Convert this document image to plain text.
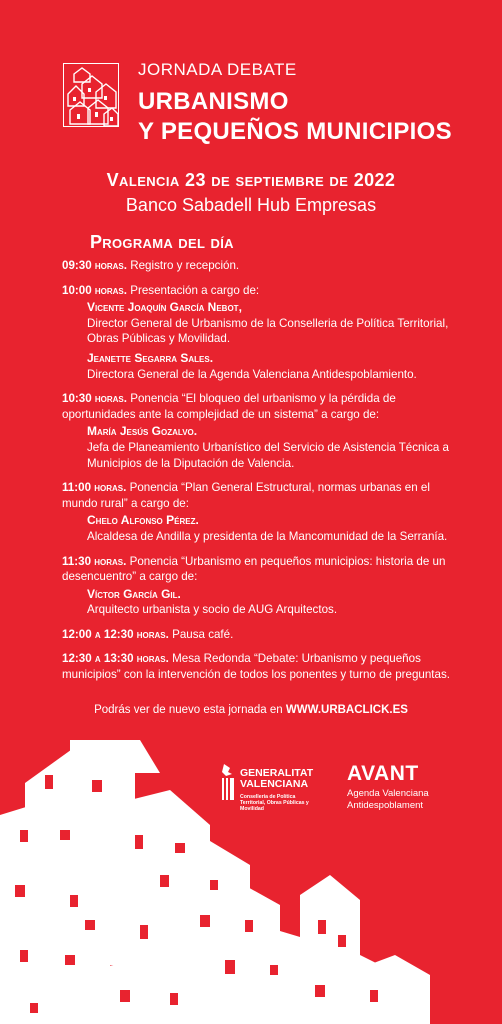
JORNADA DEBATE
URBANISMO
Y PEQUEÑOS MUNICIPIOS
Valencia 23 de septiembre de 2022
Banco Sabadell Hub Empresas
Programa del día
09:30 horas. Registro y recepción.
10:00 horas. Presentación a cargo de:
Vicente Joaquín García Nebot,
Director General de Urbanismo de la Conselleria de Política Territorial, Obras Públicas y Movilidad.
Jeanette Segarra Sales.
Directora General de la Agenda Valenciana Antidespoblamiento.
10:30 horas. Ponencia “El bloqueo del urbanismo y la pérdida de oportunidades ante la complejidad de un sistema” a cargo de:
María Jesús Gozalvo.
Jefa de Planeamiento Urbanístico del Servicio de Asistencia Técnica a Municipios de la Diputación de Valencia.
11:00 horas. Ponencia “Plan General Estructural, normas urbanas en el mundo rural” a cargo de:
Chelo Alfonso Pérez.
Alcaldesa de Andilla y presidenta de la Mancomunidad de la Serranía.
11:30 horas. Ponencia “Urbanismo en pequeños municipios: historia de un desencuentro” a cargo de:
Víctor García Gil.
Arquitecto urbanista y socio de AUG Arquitectos.
12:00 a 12:30 horas. Pausa café.
12:30 a 13:30 horas. Mesa Redonda “Debate: Urbanismo y pequeños municipios” con la intervención de todos los ponentes y turno de preguntas.
Podrás ver de nuevo esta jornada en WWW.URBACLICK.ES
GENERALITAT
VALENCIANA
Conselleria de Política Territorial, Obras Públicas y Movilidad
AVANT
Agenda Valenciana
Antidespoblament
